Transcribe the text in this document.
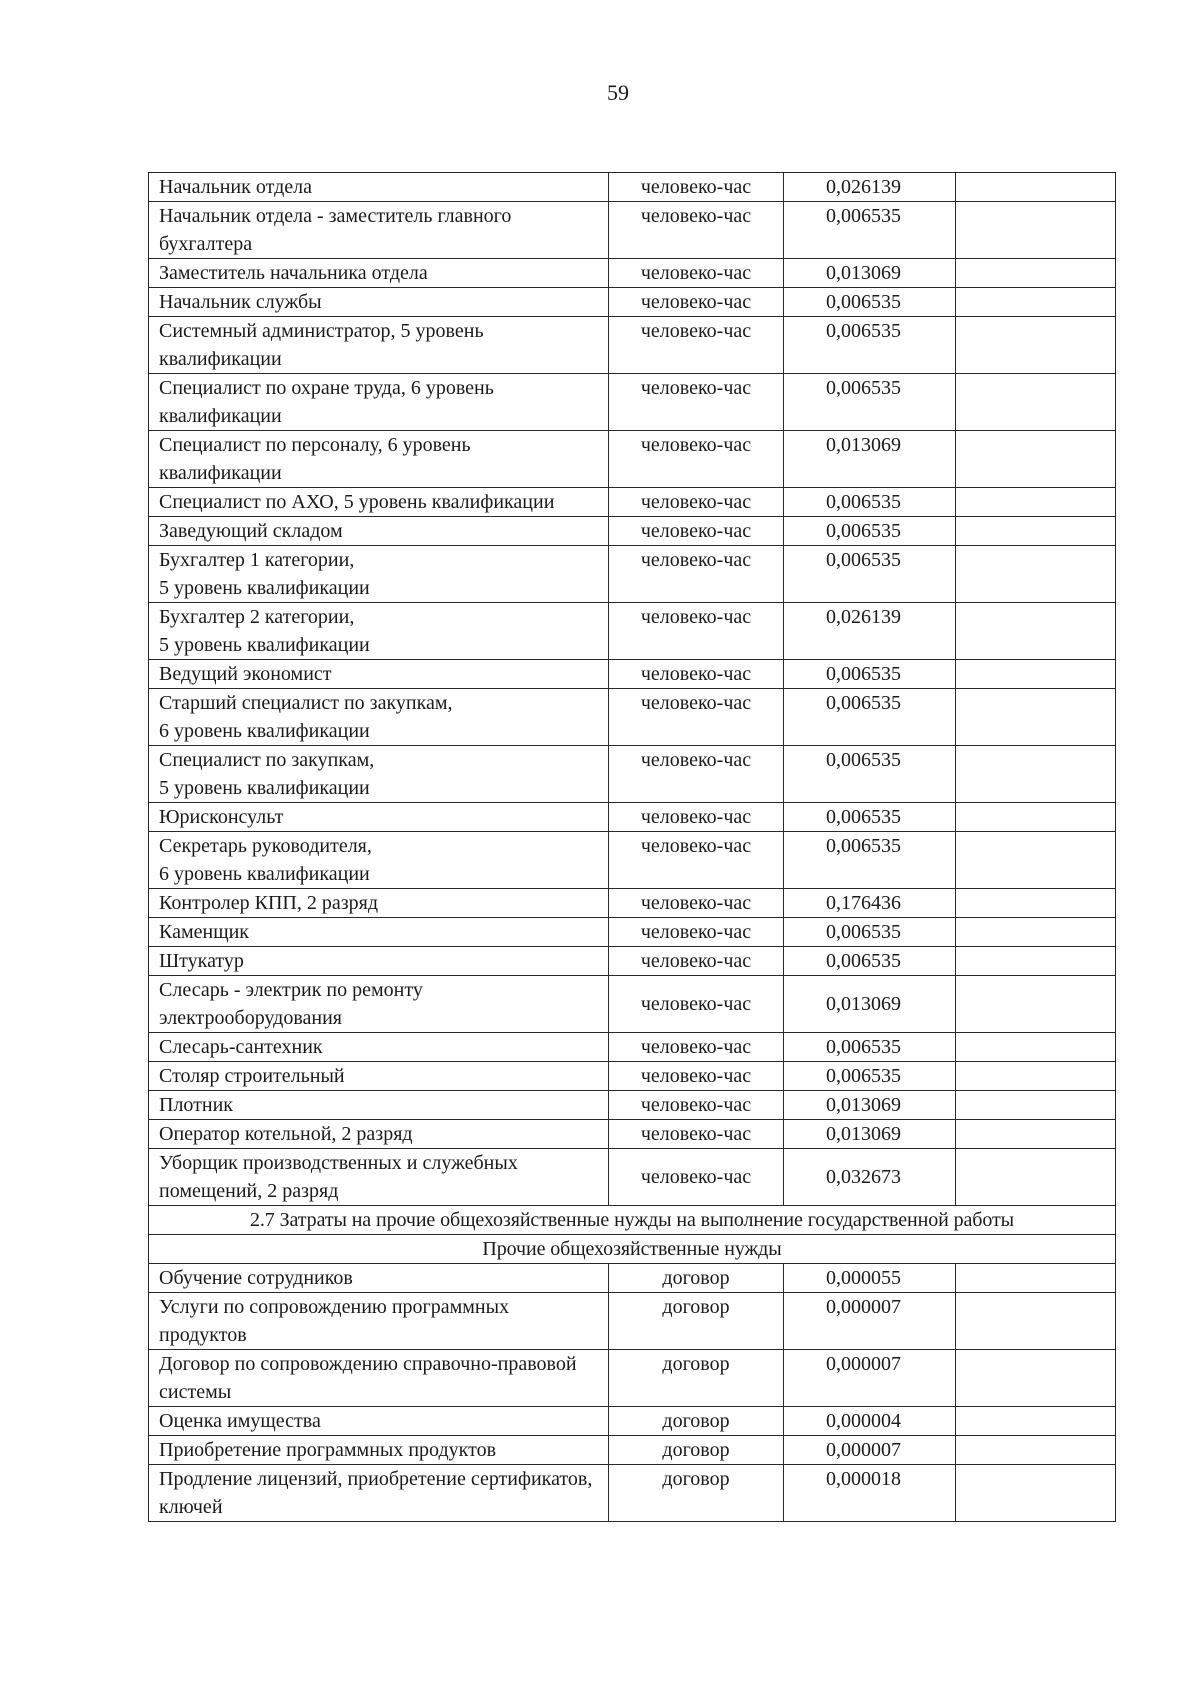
59
Начальник отдела	человеко-час	0,026139	
Начальник отдела - заместитель главного бухгалтера	человеко-час	0,006535	
Заместитель начальника отдела	человеко-час	0,013069	
Начальник службы	человеко-час	0,006535	
Системный администратор, 5 уровень квалификации	человеко-час	0,006535	
Специалист по охране труда, 6 уровень квалификации	человеко-час	0,006535	
Специалист по персоналу, 6 уровень квалификации	человеко-час	0,013069	
Специалист по АХО, 5 уровень квалификации	человеко-час	0,006535	
Заведующий складом	человеко-час	0,006535	
Бухгалтер 1 категории,
5 уровень квалификации	человеко-час	0,006535	
Бухгалтер 2 категории,
5 уровень квалификации	человеко-час	0,026139	
Ведущий экономист	человеко-час	0,006535	
Старший специалист по закупкам,
6 уровень квалификации	человеко-час	0,006535	
Специалист по закупкам,
5 уровень квалификации	человеко-час	0,006535	
Юрисконсульт	человеко-час	0,006535	
Секретарь руководителя,
6 уровень квалификации	человеко-час	0,006535	
Контролер КПП, 2 разряд	человеко-час	0,176436	
Каменщик	человеко-час	0,006535	
Штукатур	человеко-час	0,006535	
Слесарь - электрик по ремонту электрооборудования	человеко-час	0,013069	
Слесарь-сантехник	человеко-час	0,006535	
Столяр строительный	человеко-час	0,006535	
Плотник	человеко-час	0,013069	
Оператор котельной, 2 разряд	человеко-час	0,013069	
Уборщик производственных и служебных помещений, 2 разряд	человеко-час	0,032673	
2.7 Затраты на прочие общехозяйственные нужды на выполнение государственной работы			
Прочие общехозяйственные нужды			
Обучение сотрудников	договор	0,000055	
Услуги по сопровождению программных продуктов	договор	0,000007	
Договор по сопровождению справочно-правовой системы	договор	0,000007	
Оценка имущества	договор	0,000004	
Приобретение программных продуктов	договор	0,000007	
Продление лицензий, приобретение сертификатов, ключей	договор	0,000018	
